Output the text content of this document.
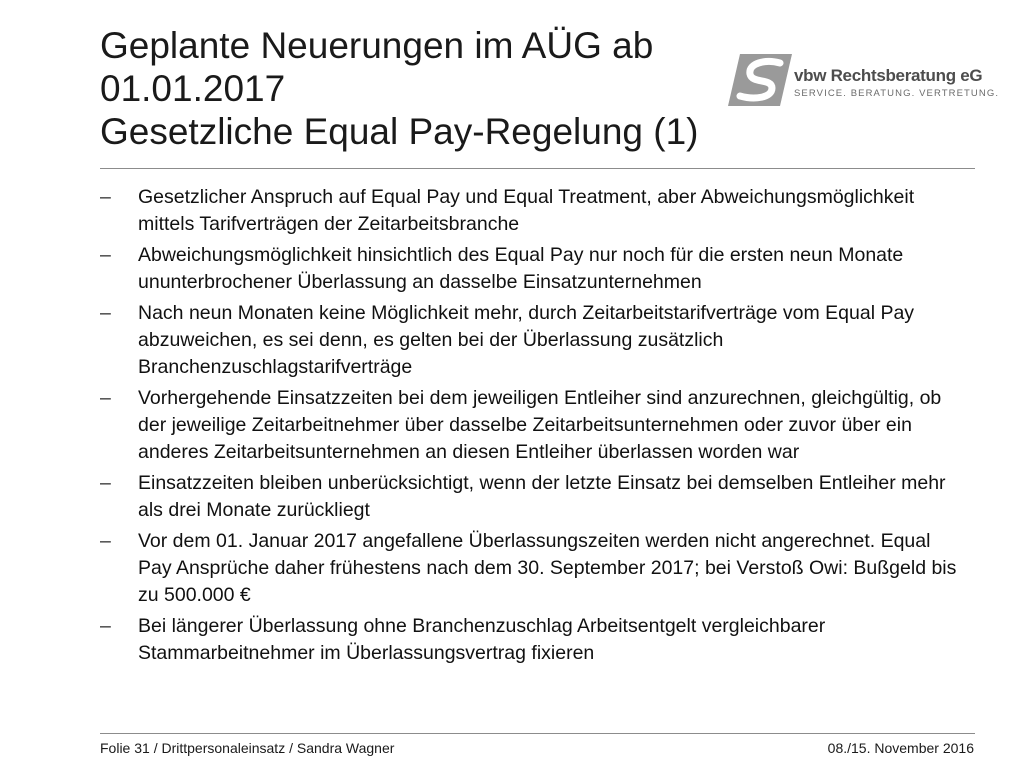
Geplante Neuerungen im AÜG ab
01.01.2017
Gesetzliche Equal Pay-Regelung (1)
vbw Rechtsberatung eG
SERVICE. BERATUNG. VERTRETUNG.
– Gesetzlicher Anspruch auf Equal Pay und Equal Treatment, aber Abweichungsmöglichkeit mittels Tarifverträgen der Zeitarbeitsbranche
– Abweichungsmöglichkeit hinsichtlich des Equal Pay nur noch für die ersten neun Monate ununterbrochener Überlassung an dasselbe Einsatzunternehmen
– Nach neun Monaten keine Möglichkeit mehr, durch Zeitarbeitstarifverträge vom Equal Pay abzuweichen, es sei denn, es gelten bei der Überlassung zusätzlich Branchenzuschlagstarifverträge
– Vorhergehende Einsatzzeiten bei dem jeweiligen Entleiher sind anzurechnen, gleichgültig, ob der jeweilige Zeitarbeitnehmer über dasselbe Zeitarbeitsunternehmen oder zuvor über ein anderes Zeitarbeitsunternehmen an diesen Entleiher überlassen worden war
– Einsatzzeiten bleiben unberücksichtigt, wenn der letzte Einsatz bei demselben Entleiher mehr als drei Monate zurückliegt
– Vor dem 01. Januar 2017 angefallene Überlassungszeiten werden nicht angerechnet. Equal Pay Ansprüche daher frühestens nach dem 30. September 2017; bei Verstoß Owi: Bußgeld bis zu 500.000 €
– Bei längerer Überlassung ohne Branchenzuschlag Arbeitsentgelt vergleichbarer Stammarbeitnehmer im Überlassungsvertrag fixieren
Folie 31 / Drittpersonaleinsatz / Sandra Wagner	08./15. November 2016
